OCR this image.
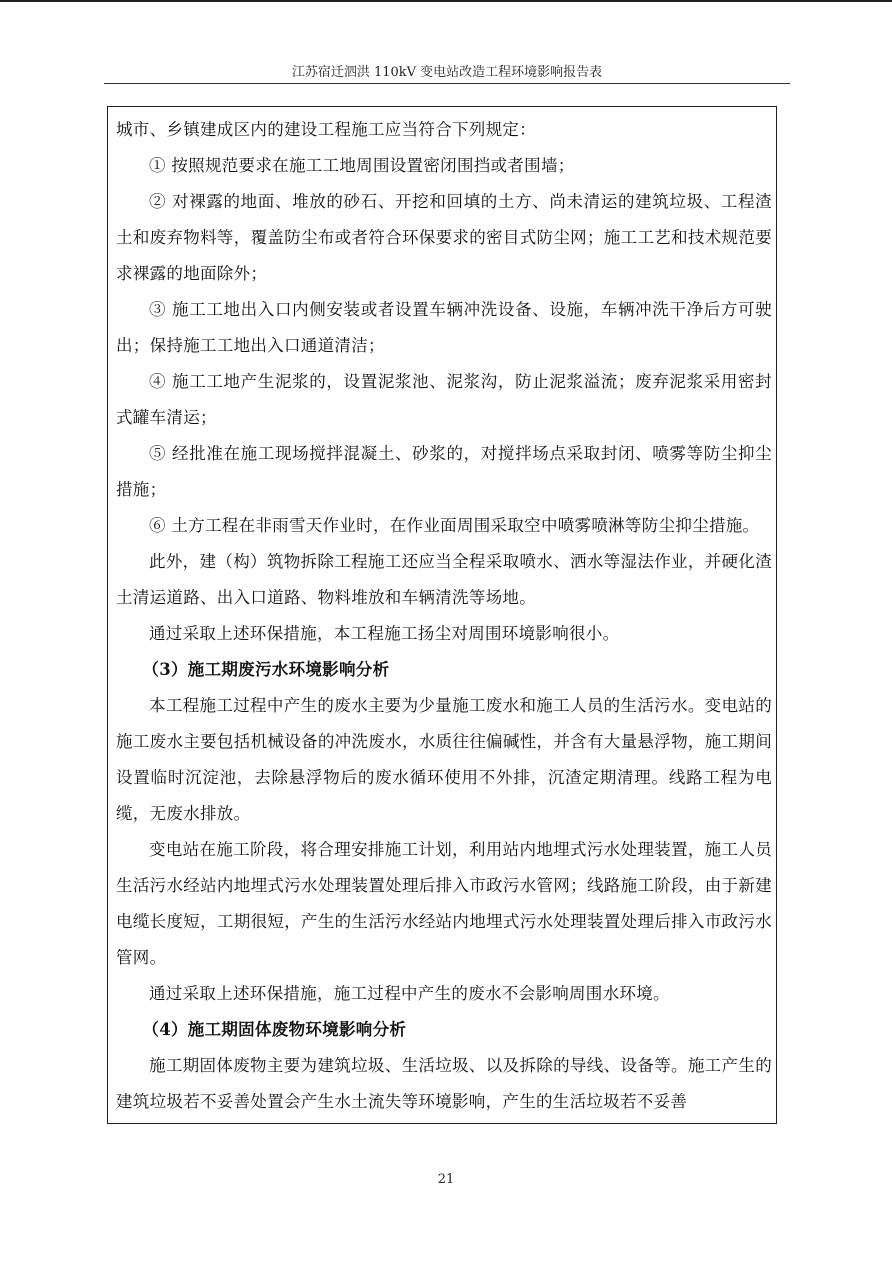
江苏宿迁泗洪 110kV 变电站改造工程环境影响报告表

城市、乡镇建成区内的建设工程施工应当符合下列规定：

① 按照规范要求在施工工地周围设置密闭围挡或者围墙；

② 对裸露的地面、堆放的砂石、开挖和回填的土方、尚未清运的建筑垃圾、工程渣土和废弃物料等，覆盖防尘布或者符合环保要求的密目式防尘网；施工工艺和技术规范要求裸露的地面除外；

③ 施工工地出入口内侧安装或者设置车辆冲洗设备、设施，车辆冲洗干净后方可驶出；保持施工工地出入口通道清洁；

④ 施工工地产生泥浆的，设置泥浆池、泥浆沟，防止泥浆溢流；废弃泥浆采用密封式罐车清运；

⑤ 经批准在施工现场搅拌混凝土、砂浆的，对搅拌场点采取封闭、喷雾等防尘抑尘措施；

⑥ 土方工程在非雨雪天作业时，在作业面周围采取空中喷雾喷淋等防尘抑尘措施。

此外，建（构）筑物拆除工程施工还应当全程采取喷水、洒水等湿法作业，并硬化渣土清运道路、出入口道路、物料堆放和车辆清洗等场地。

通过采取上述环保措施，本工程施工扬尘对周围环境影响很小。

（3）施工期废污水环境影响分析

本工程施工过程中产生的废水主要为少量施工废水和施工人员的生活污水。变电站的施工废水主要包括机械设备的冲洗废水，水质往往偏碱性，并含有大量悬浮物，施工期间设置临时沉淀池，去除悬浮物后的废水循环使用不外排，沉渣定期清理。线路工程为电缆，无废水排放。

变电站在施工阶段，将合理安排施工计划，利用站内地埋式污水处理装置，施工人员生活污水经站内地埋式污水处理装置处理后排入市政污水管网；线路施工阶段，由于新建电缆长度短，工期很短，产生的生活污水经站内地埋式污水处理装置处理后排入市政污水管网。

通过采取上述环保措施，施工过程中产生的废水不会影响周围水环境。

（4）施工期固体废物环境影响分析

施工期固体废物主要为建筑垃圾、生活垃圾、以及拆除的导线、设备等。施工产生的建筑垃圾若不妥善处置会产生水土流失等环境影响，产生的生活垃圾若不妥善

21
